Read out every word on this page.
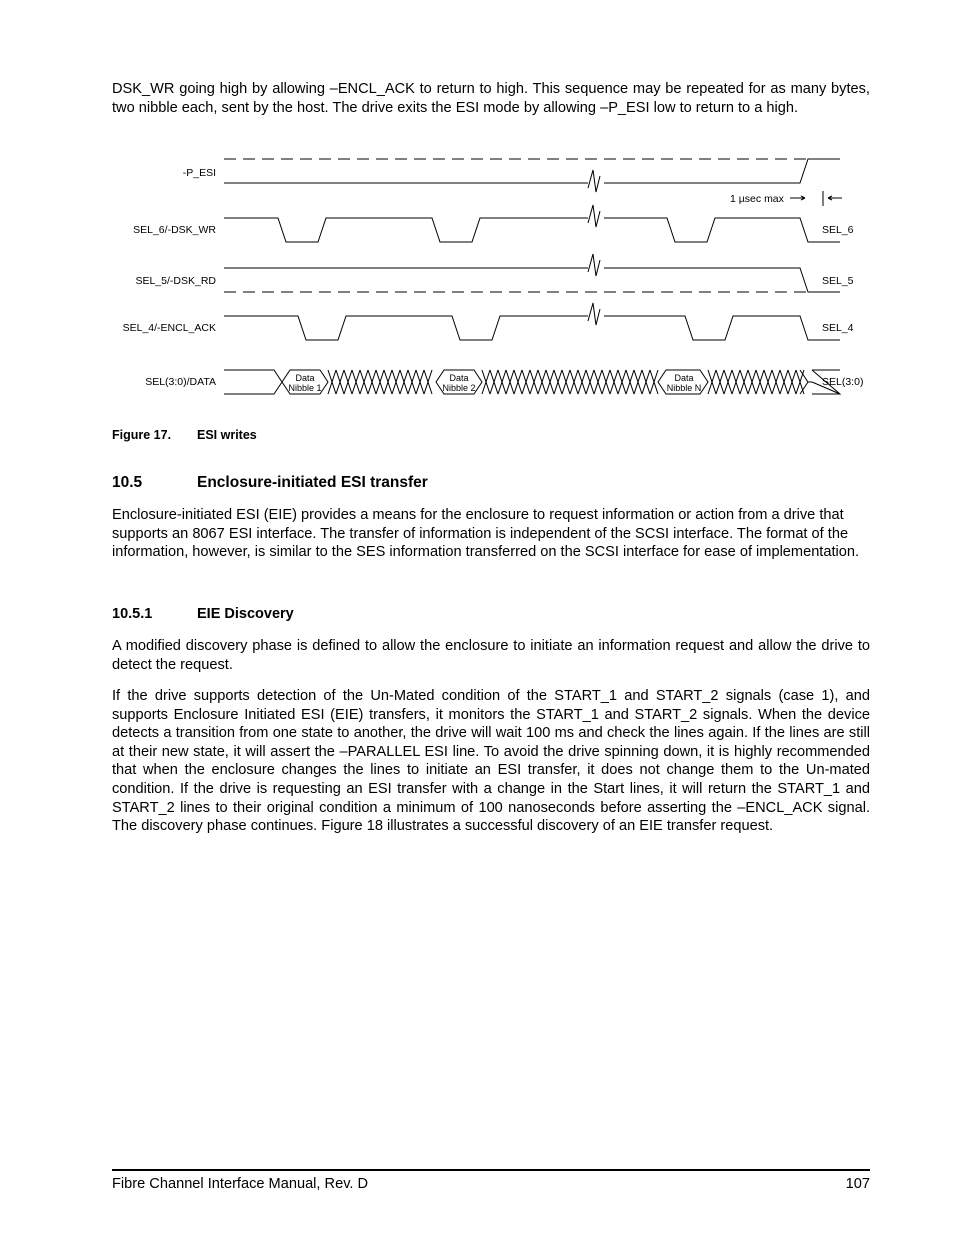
DSK_WR going high by allowing –ENCL_ACK to return to high. This sequence may be repeated for as many bytes, two nibble each, sent by the host. The drive exits the ESI mode by allowing –P_ESI low to return to a high.

Data
Nibble 1
Data
Nibble 2
Data
Nibble N
1 µsec max
-P_ESI
SEL_6/-DSK_WR
SEL_5/-DSK_RD
SEL_4/-ENCL_ACK
SEL(3:0)/DATA
SEL_6
SEL_5
SEL_4
SEL(3:0)
Figure 17. ESI writes
10.5	Enclosure-initiated ESI transfer

Enclosure-initiated ESI (EIE) provides a means for the enclosure to request information or action from a drive that supports an 8067 ESI interface. The transfer of information is independent of the SCSI interface. The format of the information, however, is similar to the SES information transferred on the SCSI interface for ease of implementation.

10.5.1	EIE Discovery

A modified discovery phase is defined to allow the enclosure to initiate an information request and allow the drive to detect the request.

If the drive supports detection of the Un-Mated condition of the START_1 and START_2 signals (case 1), and supports Enclosure Initiated ESI (EIE) transfers, it monitors the START_1 and START_2 signals. When the device detects a transition from one state to another, the drive will wait 100 ms and check the lines again. If the lines are still at their new state, it will assert the –PARALLEL ESI line. To avoid the drive spinning down, it is highly recommended that when the enclosure changes the lines to initiate an ESI transfer, it does not change them to the Un-mated condition. If the drive is requesting an ESI transfer with a change in the Start lines, it will return the START_1 and START_2 lines to their original condition a minimum of 100 nanoseconds before asserting the –ENCL_ACK signal. The discovery phase continues. Figure 18 illustrates a successful discovery of an EIE transfer request.

Fibre Channel Interface Manual, Rev. D	107
